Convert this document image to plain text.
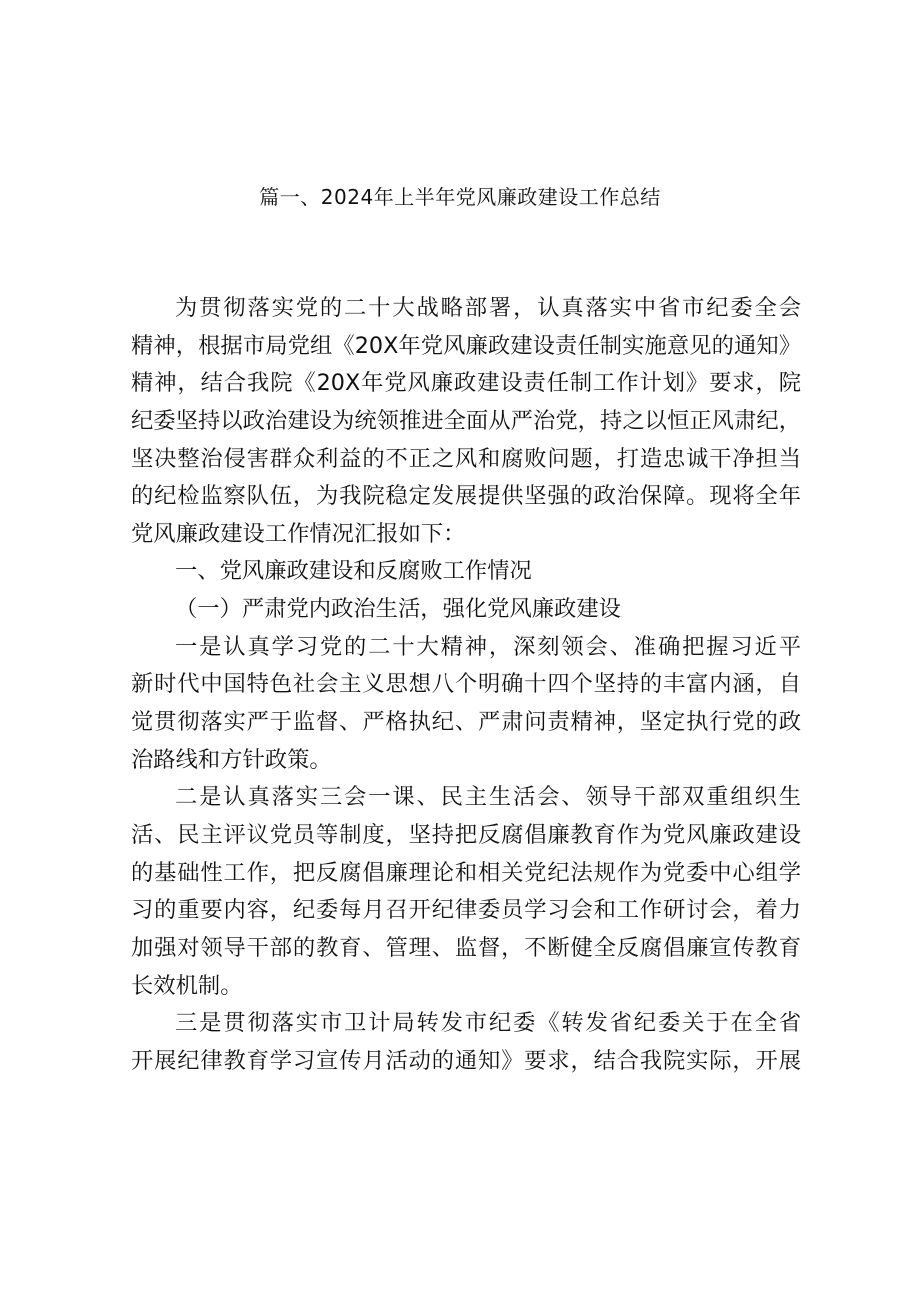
篇一、2024年上半年党风廉政建设工作总结
为贯彻落实党的二十大战略部署，认真落实中省市纪委全会
精神，根据市局党组《20X年党风廉政建设责任制实施意见的通知》
精神，结合我院《20X年党风廉政建设责任制工作计划》要求，院
纪委坚持以政治建设为统领推进全面从严治党，持之以恒正风肃纪，
坚决整治侵害群众利益的不正之风和腐败问题，打造忠诚干净担当
的纪检监察队伍，为我院稳定发展提供坚强的政治保障。现将全年
党风廉政建设工作情况汇报如下：
一、党风廉政建设和反腐败工作情况
（一）严肃党内政治生活，强化党风廉政建设
一是认真学习党的二十大精神，深刻领会、准确把握习近平
新时代中国特色社会主义思想八个明确十四个坚持的丰富内涵，自
觉贯彻落实严于监督、严格执纪、严肃问责精神，坚定执行党的政
治路线和方针政策。
二是认真落实三会一课、民主生活会、领导干部双重组织生
活、民主评议党员等制度，坚持把反腐倡廉教育作为党风廉政建设
的基础性工作，把反腐倡廉理论和相关党纪法规作为党委中心组学
习的重要内容，纪委每月召开纪律委员学习会和工作研讨会，着力
加强对领导干部的教育、管理、监督，不断健全反腐倡廉宣传教育
长效机制。
三是贯彻落实市卫计局转发市纪委《转发省纪委关于在全省
开展纪律教育学习宣传月活动的通知》要求，结合我院实际，开展
